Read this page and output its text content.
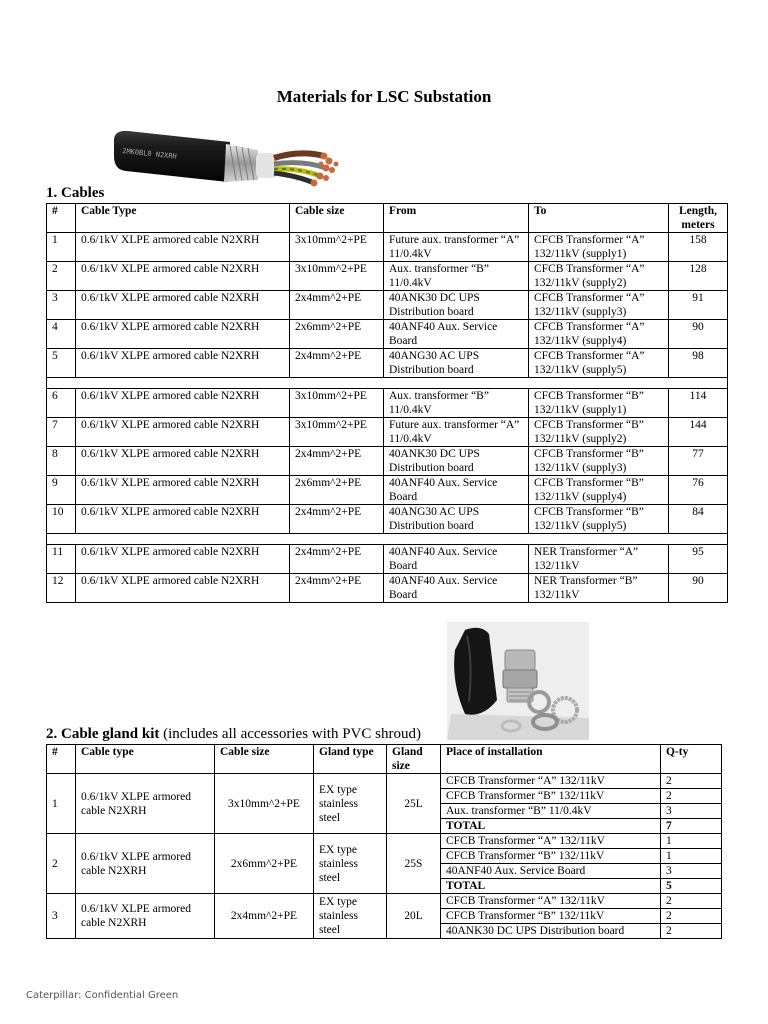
Materials for LSC Substation
2MK0BL0 N2XRH
1. Cables
#	Cable Type	Cable size	From	To	Length, meters
1	0.6/1kV XLPE armored cable N2XRH	3x10mm^2+PE	Future aux. transformer “A” 11/0.4kV	CFCB Transformer “A” 132/11kV (supply1)	158
2	0.6/1kV XLPE armored cable N2XRH	3x10mm^2+PE	Aux. transformer “B” 11/0.4kV	CFCB Transformer “A” 132/11kV (supply2)	128
3	0.6/1kV XLPE armored cable N2XRH	2x4mm^2+PE	40ANK30 DC UPS Distribution board	CFCB Transformer “A” 132/11kV (supply3)	91
4	0.6/1kV XLPE armored cable N2XRH	2x6mm^2+PE	40ANF40 Aux. Service Board	CFCB Transformer “A” 132/11kV (supply4)	90
5	0.6/1kV XLPE armored cable N2XRH	2x4mm^2+PE	40ANG30 AC UPS Distribution board	CFCB Transformer “A” 132/11kV (supply5)	98

6	0.6/1kV XLPE armored cable N2XRH	3x10mm^2+PE	Aux. transformer “B” 11/0.4kV	CFCB Transformer “B” 132/11kV (supply1)	114
7	0.6/1kV XLPE armored cable N2XRH	3x10mm^2+PE	Future aux. transformer “A” 11/0.4kV	CFCB Transformer “B” 132/11kV (supply2)	144
8	0.6/1kV XLPE armored cable N2XRH	2x4mm^2+PE	40ANK30 DC UPS Distribution board	CFCB Transformer “B” 132/11kV (supply3)	77
9	0.6/1kV XLPE armored cable N2XRH	2x6mm^2+PE	40ANF40 Aux. Service Board	CFCB Transformer “B” 132/11kV (supply4)	76
10	0.6/1kV XLPE armored cable N2XRH	2x4mm^2+PE	40ANG30 AC UPS Distribution board	CFCB Transformer “B” 132/11kV (supply5)	84

11	0.6/1kV XLPE armored cable N2XRH	2x4mm^2+PE	40ANF40 Aux. Service Board	NER Transformer “A” 132/11kV	95
12	0.6/1kV XLPE armored cable N2XRH	2x4mm^2+PE	40ANF40 Aux. Service Board	NER Transformer “B” 132/11kV	90
2. Cable gland kit (includes all accessories with PVC shroud)
#	Cable type	Cable size	Gland type	Gland size	Place of installation	Q-ty
1	0.6/1kV XLPE armored cable N2XRH	3x10mm^2+PE	EX type stainless steel	25L	CFCB Transformer “A” 132/11kV	2
					CFCB Transformer “B” 132/11kV	2
					Aux. transformer “B” 11/0.4kV	3
					TOTAL	7
2	0.6/1kV XLPE armored cable N2XRH	2x6mm^2+PE	EX type stainless steel	25S	CFCB Transformer “A” 132/11kV	1
					CFCB Transformer “B” 132/11kV	1
					40ANF40 Aux. Service Board	3
					TOTAL	5
3	0.6/1kV XLPE armored cable N2XRH	2x4mm^2+PE	EX type stainless steel	20L	CFCB Transformer “A” 132/11kV	2
					CFCB Transformer “B” 132/11kV	2
					40ANK30 DC UPS Distribution board	2
Caterpillar: Confidential Green
